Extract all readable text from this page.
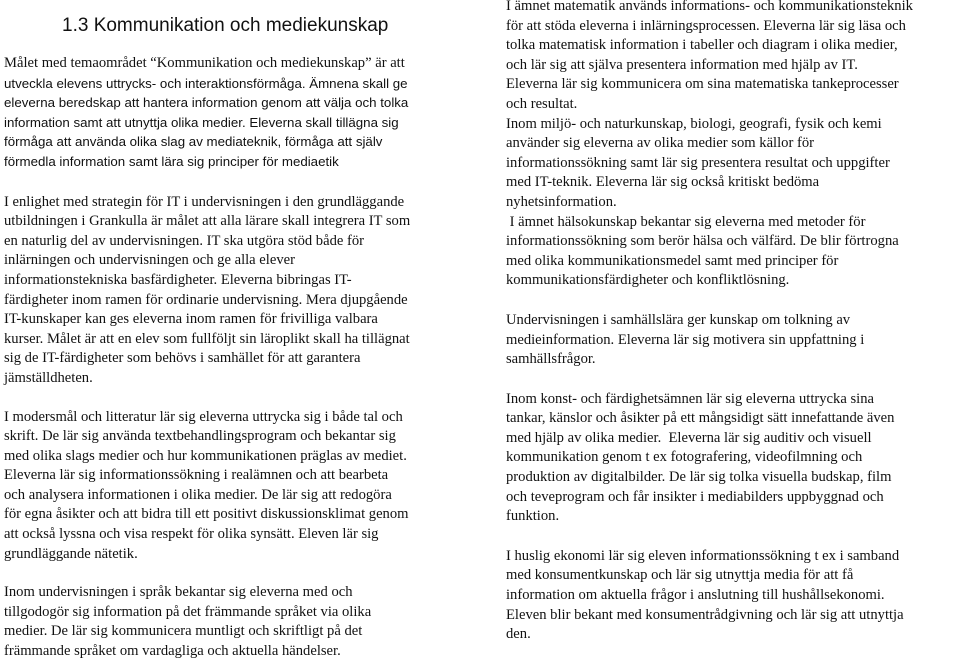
1.3 Kommunikation och mediekunskap

Målet med temaområdet “Kommunikation och mediekunskap” är att
utveckla elevens uttrycks- och interaktionsförmåga. Ämnena skall ge
eleverna beredskap att hantera information genom att välja och tolka
information samt att utnyttja olika medier. Eleverna skall tillägna sig
förmåga att använda olika slag av mediateknik, förmåga att själv
förmedla information samt lära sig principer för mediaetik

I enlighet med strategin för IT i undervisningen i den grundläggande
utbildningen i Grankulla är målet att alla lärare skall integrera IT som
en naturlig del av undervisningen. IT ska utgöra stöd både för
inlärningen och undervisningen och ge alla elever
informationstekniska basfärdigheter. Eleverna bibringas IT-
färdigheter inom ramen för ordinarie undervisning. Mera djupgående
IT-kunskaper kan ges eleverna inom ramen för frivilliga valbara
kurser. Målet är att en elev som fullföljt sin läroplikt skall ha tillägnat
sig de IT-färdigheter som behövs i samhället för att garantera
jämställdheten.

I modersmål och litteratur lär sig eleverna uttrycka sig i både tal och
skrift. De lär sig använda textbehandlingsprogram och bekantar sig
med olika slags medier och hur kommunikationen präglas av mediet.
Eleverna lär sig informationssökning i realämnen och att bearbeta
och analysera informationen i olika medier. De lär sig att redogöra
för egna åsikter och att bidra till ett positivt diskussionsklimat genom
att också lyssna och visa respekt för olika synsätt. Eleven lär sig
grundläggande nätetik.

Inom undervisningen i språk bekantar sig eleverna med och
tillgodogör sig information på det främmande språket via olika
medier. De lär sig kommunicera muntligt och skriftligt på det
främmande språket om vardagliga och aktuella händelser.

I ämnet matematik används informations- och kommunikationsteknik
för att stöda eleverna i inlärningsprocessen. Eleverna lär sig läsa och
tolka matematisk information i tabeller och diagram i olika medier,
och lär sig att själva presentera information med hjälp av IT.
Eleverna lär sig kommunicera om sina matematiska tankeprocesser
och resultat.
Inom miljö- och naturkunskap, biologi, geografi, fysik och kemi
använder sig eleverna av olika medier som källor för
informationssökning samt lär sig presentera resultat och uppgifter
med IT-teknik. Eleverna lär sig också kritiskt bedöma
nyhetsinformation.
I ämnet hälsokunskap bekantar sig eleverna med metoder för
informationssökning som berör hälsa och välfärd. De blir förtrogna
med olika kommunikationsmedel samt med principer för
kommunikationsfärdigheter och konfliktlösning.

Undervisningen i samhällslära ger kunskap om tolkning av
medieinformation. Eleverna lär sig motivera sin uppfattning i
samhällsfrågor.

Inom konst- och färdighetsämnen lär sig eleverna uttrycka sina
tankar, känslor och åsikter på ett mångsidigt sätt innefattande även
med hjälp av olika medier.  Eleverna lär sig auditiv och visuell
kommunikation genom t ex fotografering, videofilmning och
produktion av digitalbilder. De lär sig tolka visuella budskap, film
och teveprogram och får insikter i mediabilders uppbyggnad och
funktion.

I huslig ekonomi lär sig eleven informationssökning t ex i samband
med konsumentkunskap och lär sig utnyttja media för att få
information om aktuella frågor i anslutning till hushållsekonomi.
Eleven blir bekant med konsumentrådgivning och lär sig att utnyttja
den.
